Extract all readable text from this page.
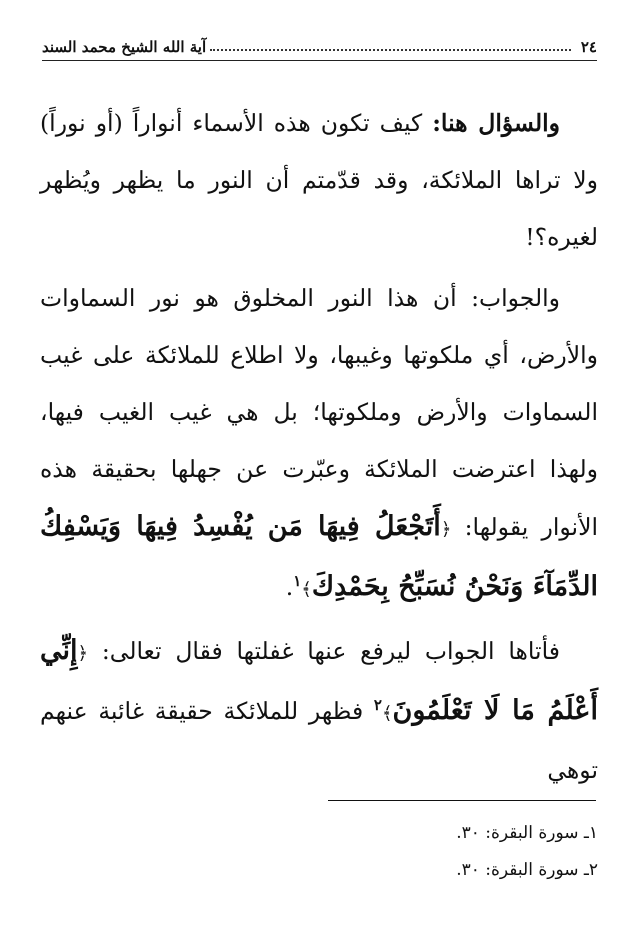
٢٤
آية الله الشيخ محمد السند

والسؤال هنا: كيف تكون هذه الأسماء أنواراً (أو نوراً) ولا تراها الملائكة، وقد قدّمتم أن النور ما يظهر ويُظهر لغيره؟!

والجواب: أن هذا النور المخلوق هو نور السماوات والأرض، أي ملكوتها وغيبها، ولا اطلاع للملائكة على غيب السماوات والأرض وملكوتها؛ بل هي غيب الغيب فيها، ولهذا اعترضت الملائكة وعبّرت عن جهلها بحقيقة هذه الأنوار يقولها: ﴿أَتَجْعَلُ فِيهَا مَن يُفْسِدُ فِيهَا وَيَسْفِكُ الدِّمَآءَ وَنَحْنُ نُسَبِّحُ بِحَمْدِكَ﴾$^١$.

فأتاها الجواب ليرفع عنها غفلتها فقال تعالى: ﴿إِنِّي أَعْلَمُ مَا لَا تَعْلَمُونَ﴾$^٢$ فظهر للملائكة حقيقة غائبة عنهم توهي

١ـ سورة البقرة: ٣٠.
٢ـ سورة البقرة: ٣٠.
